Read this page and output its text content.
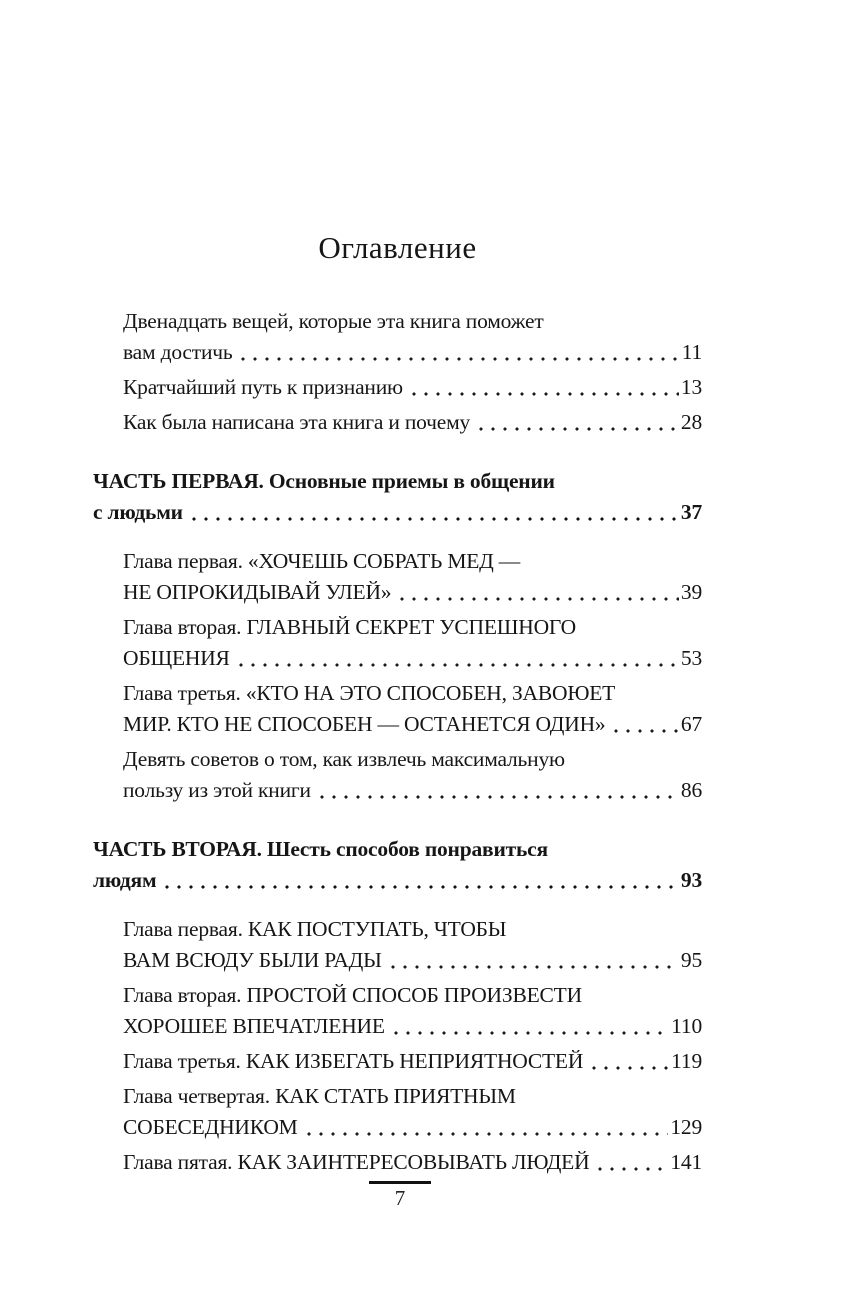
Оглавление
Двенадцать вещей, которые эта книга поможет
вам достичь	11
Кратчайший путь к признанию	13
Как была написана эта книга и почему	28
ЧАСТЬ ПЕРВАЯ. Основные приемы в общении
с людьми	37
Глава первая. «ХОЧЕШЬ СОБРАТЬ МЕД —
НЕ ОПРОКИДЫВАЙ УЛЕЙ»	39
Глава вторая. ГЛАВНЫЙ СЕКРЕТ УСПЕШНОГО
ОБЩЕНИЯ	53
Глава третья. «КТО НА ЭТО СПОСОБЕН, ЗАВОЮЕТ
МИР. КТО НЕ СПОСОБЕН — ОСТАНЕТСЯ ОДИН»	67
Девять советов о том, как извлечь максимальную
пользу из этой книги	86
ЧАСТЬ ВТОРАЯ. Шесть способов понравиться
людям	93
Глава первая. КАК ПОСТУПАТЬ, ЧТОБЫ
ВАМ ВСЮДУ БЫЛИ РАДЫ	95
Глава вторая. ПРОСТОЙ СПОСОБ ПРОИЗВЕСТИ
ХОРОШЕЕ ВПЕЧАТЛЕНИЕ	110
Глава третья. КАК ИЗБЕГАТЬ НЕПРИЯТНОСТЕЙ	119
Глава четвертая. КАК СТАТЬ ПРИЯТНЫМ
СОБЕСЕДНИКОМ	129
Глава пятая. КАК ЗАИНТЕРЕСОВЫВАТЬ ЛЮДЕЙ	141
7
